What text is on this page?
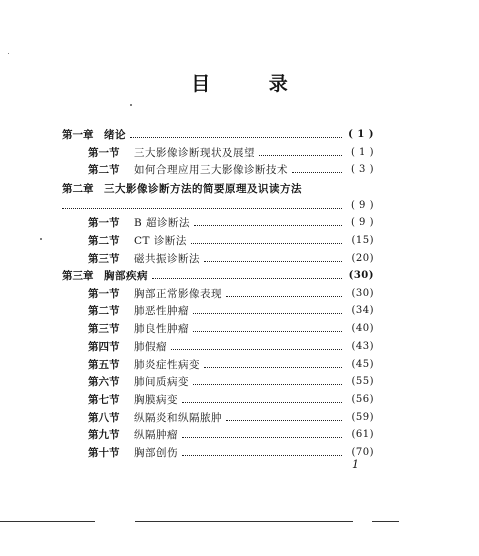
目 录
第一章	绪论	( 1 )
第一节	三大影像诊断现状及展望	( 1 )
第二节	如何合理应用三大影像诊断技术	( 3 )
第二章	三大影像诊断方法的简要原理及识读方法
( 9 )
第一节	B 超诊断法	( 9 )
第二节	CT 诊断法	(15)
第三节	磁共振诊断法	(20)
第三章	胸部疾病	(30)
第一节	胸部正常影像表现	(30)
第二节	肺恶性肿瘤	(34)
第三节	肺良性肿瘤	(40)
第四节	肺假瘤	(43)
第五节	肺炎症性病变	(45)
第六节	肺间质病变	(55)
第七节	胸膜病变	(56)
第八节	纵隔炎和纵隔脓肿	(59)
第九节	纵隔肿瘤	(61)
第十节	胸部创伤	(70)
1
